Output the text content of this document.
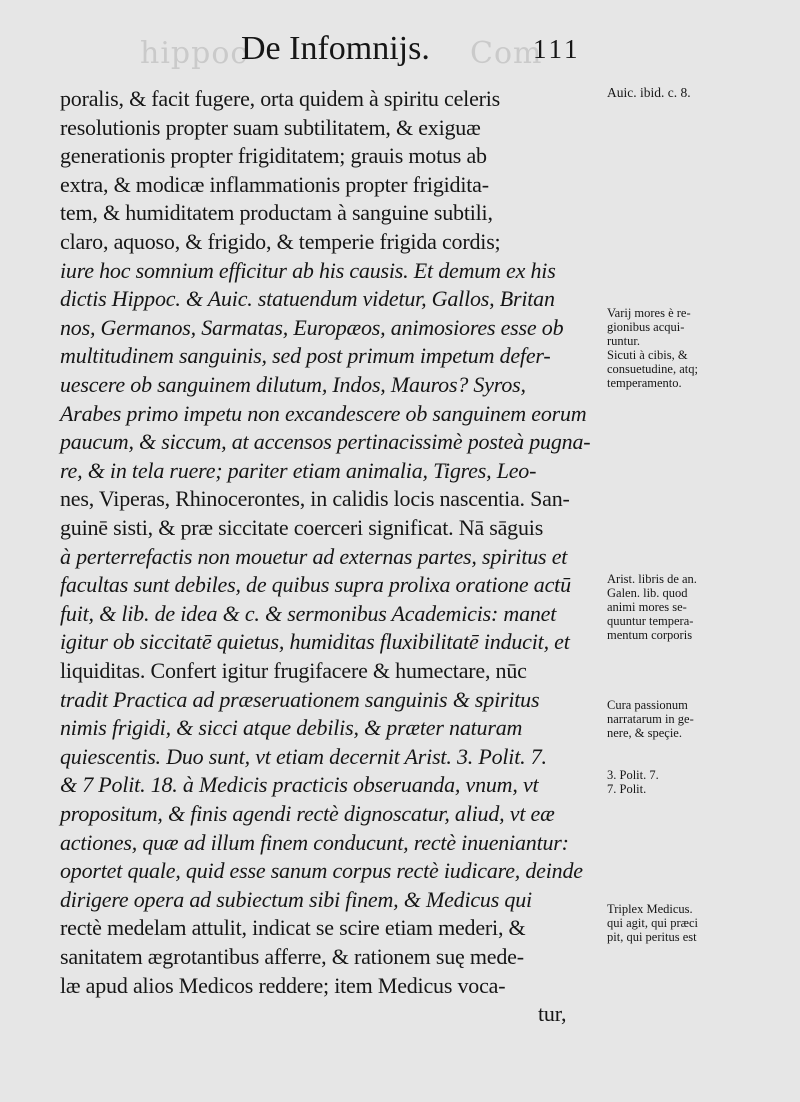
Com
hippoc
De Infomnijs.	111
poralis, & facit fugere, orta quidem à spiritu celeris
resolutionis propter suam subtilitatem, & exiguæ
generationis propter frigiditatem; grauis motus ab
extra, & modicæ inflammationis propter frigidita-
tem, & humiditatem productam à sanguine subtili,
claro, aquoso, & frigido, & temperie frigida cordis;
iure hoc somnium efficitur ab his causis. Et demum ex his
dictis Hippoc. & Auic. statuendum videtur, Gallos, Britan
nos, Germanos, Sarmatas, Europæos, animosiores esse ob
multitudinem sanguinis, sed post primum impetum defer-
uescere ob sanguinem dilutum, Indos, Mauros? Syros,
Arabes primo impetu non excandescere ob sanguinem eorum
paucum, & siccum, at accensos pertinacissimè posteà pugna-
re, & in tela ruere; pariter etiam animalia, Tigres, Leo-
nes, Viperas, Rhinocerontes, in calidis locis nascentia. San-
guinē sisti, & præ siccitate coerceri significat. Nā sāguis
à perterrefactis non mouetur ad externas partes, spiritus et
facultas sunt debiles, de quibus supra prolixa oratione actū
fuit, & lib. de idea & c. & sermonibus Academicis: manet
igitur ob siccitatē quietus, humiditas fluxibilitatē inducit, et
liquiditas. Confert igitur frugifacere & humectare, nūc
tradit Practica ad præseruationem sanguinis & spiritus
nimis frigidi, & sicci atque debilis, & præter naturam
quiescentis. Duo sunt, vt etiam decernit Arist. 3. Polit. 7.
& 7 Polit. 18. à Medicis practicis obseruanda, vnum, vt
propositum, & finis agendi rectè dignoscatur, aliud, vt eæ
actiones, quæ ad illum finem conducunt, rectè inueniantur:
oportet quale, quid esse sanum corpus rectè iudicare, deinde
dirigere opera ad subiectum sibi finem, & Medicus qui
rectè medelam attulit, indicat se scire etiam mederi, &
sanitatem ægrotantibus afferre, & rationem suę mede-
læ apud alios Medicos reddere; item Medicus voca-
tur,
Auic. ibid. c. 8.
Varij mores è re-
gionibus acqui-
runtur.
Sicuti à cibis, &
consuetudine, atq;
temperamento.
Arist. libris de an.
Galen. lib. quod
animi mores se-
quuntur tempera-
mentum corporis
Cura passionum
narratarum in ge-
nere, & speçie.
3. Polit. 7.
7. Polit.
Triplex Medicus.
qui agit, qui præci
pit, qui peritus est
